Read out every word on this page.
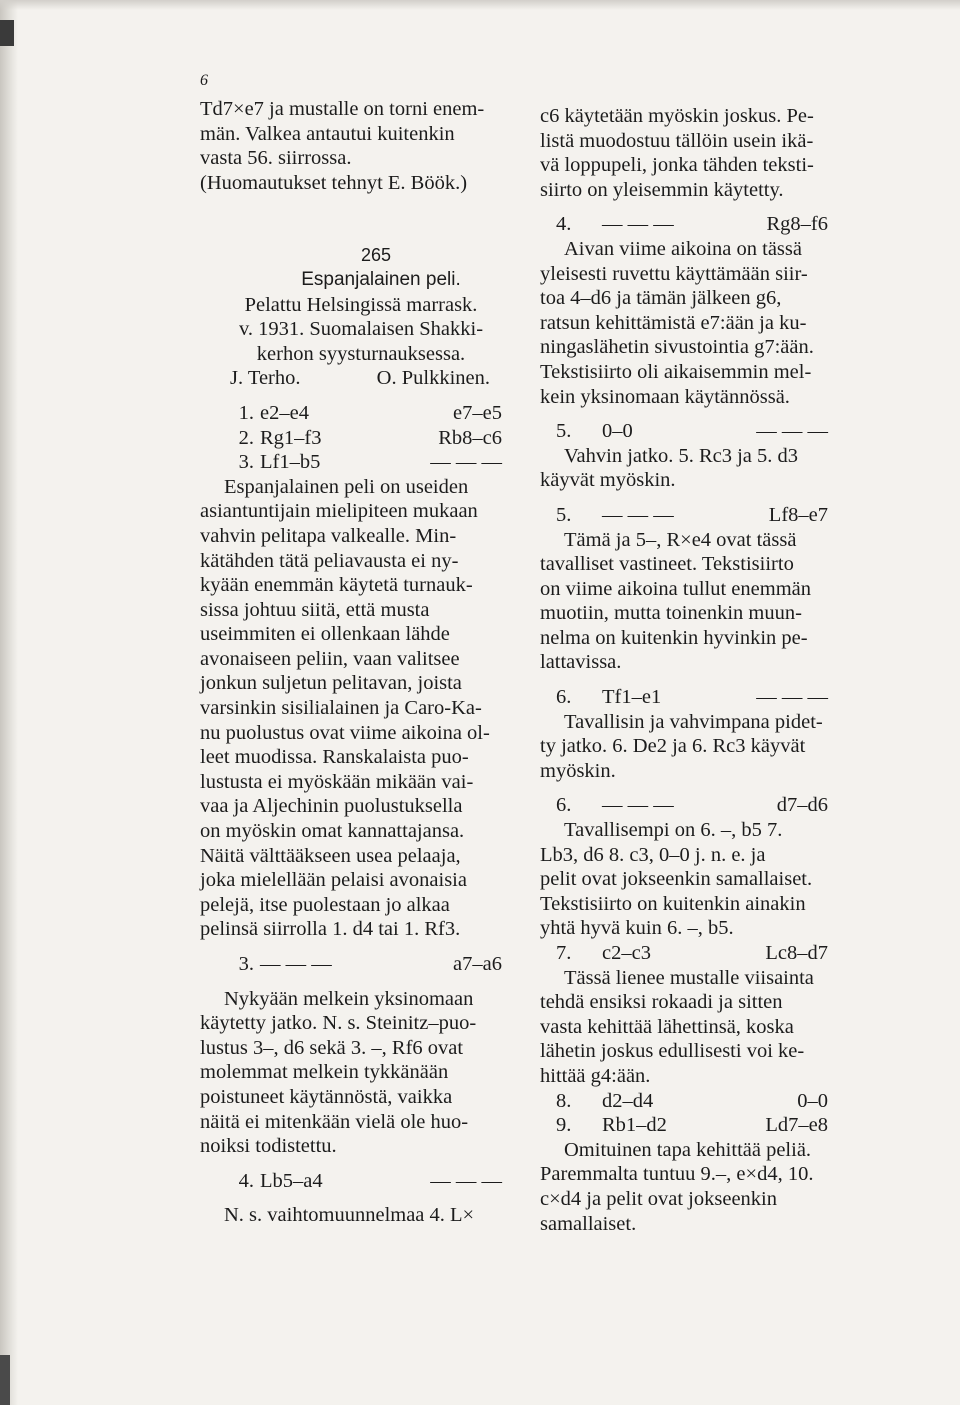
6
Td7×e7 ja mustalle on torni enem-
män. Valkea antautui kuitenkin
vasta 56. siirrossa.
(Huomautukset tehnyt E. Böök.)
265
Espanjalainen peli.
Pelattu Helsingissä marrask.
v. 1931. Suomalaisen Shakki-
kerhon syysturnauksessa.
J. Terho.	O. Pulkkinen.
1. e2–e4	e7–e5
2. Rg1–f3	Rb8–c6
3. Lf1–b5	— — —
Espanjalainen peli on useiden
asiantuntijain mielipiteen mukaan
vahvin pelitapa valkealle. Min-
kätähden tätä peliavausta ei ny-
kyään enemmän käytetä turnauk-
sissa johtuu siitä, että musta
useimmiten ei ollenkaan lähde
avonaiseen peliin, vaan valitsee
jonkun suljetun pelitavan, joista
varsinkin sisilialainen ja Caro-Ka-
nu puolustus ovat viime aikoina ol-
leet muodissa. Ranskalaista puo-
lustusta ei myöskään mikään vai-
vaa ja Aljechinin puolustuksella
on myöskin omat kannattajansa.
Näitä välttääkseen usea pelaaja,
joka mielellään pelaisi avonaisia
pelejä, itse puolestaan jo alkaa
pelinsä siirrolla 1. d4 tai 1. Rf3.
3. — — —	a7–a6
Nykyään melkein yksinomaan
käytetty jatko. N. s. Steinitz–puo-
lustus 3–, d6 sekä 3. –, Rf6 ovat
molemmat melkein tykkänään
poistuneet käytännöstä, vaikka
näitä ei mitenkään vielä ole huo-
noiksi todistettu.
4. Lb5–a4	— — —
N. s. vaihtomuunnelmaa 4. L×
c6 käytetään myöskin joskus. Pe-
listä muodostuu tällöin usein ikä-
vä loppupeli, jonka tähden teksti-
siirto on yleisemmin käytetty.
4.	— — —	Rg8–f6
Aivan viime aikoina on tässä
yleisesti ruvettu käyttämään siir-
toa 4–d6 ja tämän jälkeen g6,
ratsun kehittämistä e7:ään ja ku-
ningaslähetin sivustointia g7:ään.
Tekstisiirto oli aikaisemmin mel-
kein yksinomaan käytännössä.
5.	0–0	— — —
Vahvin jatko. 5. Rc3 ja 5. d3
käyvät myöskin.
5.	— — —	Lf8–e7
Tämä ja 5–, R×e4 ovat tässä
tavalliset vastineet. Tekstisiirto
on viime aikoina tullut enemmän
muotiin, mutta toinenkin muun-
nelma on kuitenkin hyvinkin pe-
lattavissa.
6.	Tf1–e1	— — —
Tavallisin ja vahvimpana pidet-
ty jatko. 6. De2 ja 6. Rc3 käyvät
myöskin.
6.	— — —	d7–d6
Tavallisempi on 6. –, b5 7.
Lb3, d6 8. c3, 0–0 j. n. e. ja
pelit ovat jokseenkin samallaiset.
Tekstisiirto on kuitenkin ainakin
yhtä hyvä kuin 6. –, b5.
7.	c2–c3	Lc8–d7
Tässä lienee mustalle viisainta
tehdä ensiksi rokaadi ja sitten
vasta kehittää lähettinsä, koska
lähetin joskus edullisesti voi ke-
hittää g4:ään.
8.	d2–d4	0–0
9.	Rb1–d2	Ld7–e8
Omituinen tapa kehittää peliä.
Paremmalta tuntuu 9.–, e×d4, 10.
c×d4 ja pelit ovat jokseenkin
samallaiset.
